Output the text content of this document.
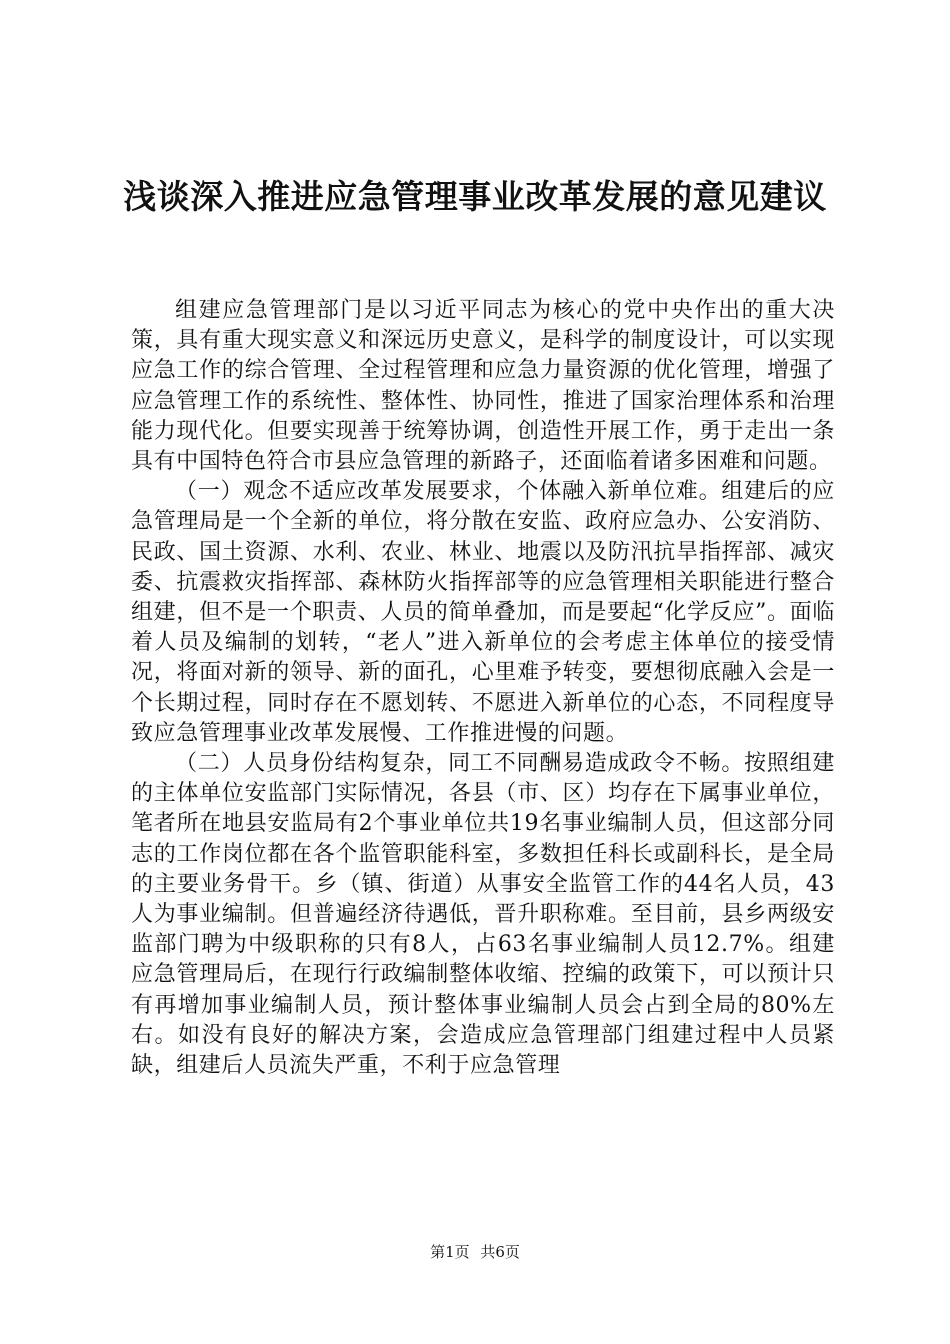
浅谈深入推进应急管理事业改革发展的意见建议

组建应急管理部门是以习近平同志为核心的党中央作出的重大决策，具有重大现实意义和深远历史意义，是科学的制度设计，可以实现应急工作的综合管理、全过程管理和应急力量资源的优化管理，增强了应急管理工作的系统性、整体性、协同性，推进了国家治理体系和治理能力现代化。但要实现善于统筹协调，创造性开展工作，勇于走出一条具有中国特色符合市县应急管理的新路子，还面临着诸多困难和问题。

（一）观念不适应改革发展要求，个体融入新单位难。组建后的应急管理局是一个全新的单位，将分散在安监、政府应急办、公安消防、民政、国土资源、水利、农业、林业、地震以及防汛抗旱指挥部、减灾委、抗震救灾指挥部、森林防火指挥部等的应急管理相关职能进行整合组建，但不是一个职责、人员的简单叠加，而是要起“化学反应”。面临着人员及编制的划转，“老人”进入新单位的会考虑主体单位的接受情况，将面对新的领导、新的面孔，心里难予转变，要想彻底融入会是一个长期过程，同时存在不愿划转、不愿进入新单位的心态，不同程度导致应急管理事业改革发展慢、工作推进慢的问题。

（二）人员身份结构复杂，同工不同酬易造成政令不畅。按照组建的主体单位安监部门实际情况，各县（市、区）均存在下属事业单位，笔者所在地县安监局有2个事业单位共19名事业编制人员，但这部分同志的工作岗位都在各个监管职能科室，多数担任科长或副科长，是全局的主要业务骨干。乡（镇、街道）从事安全监管工作的44名人员，43人为事业编制。但普遍经济待遇低，晋升职称难。至目前，县乡两级安监部门聘为中级职称的只有8人，占63名事业编制人员12.7%。组建应急管理局后，在现行行政编制整体收缩、控编的政策下，可以预计只有再增加事业编制人员，预计整体事业编制人员会占到全局的80%左右。如没有良好的解决方案，会造成应急管理部门组建过程中人员紧缺，组建后人员流失严重，不利于应急管理

第1页 共6页
